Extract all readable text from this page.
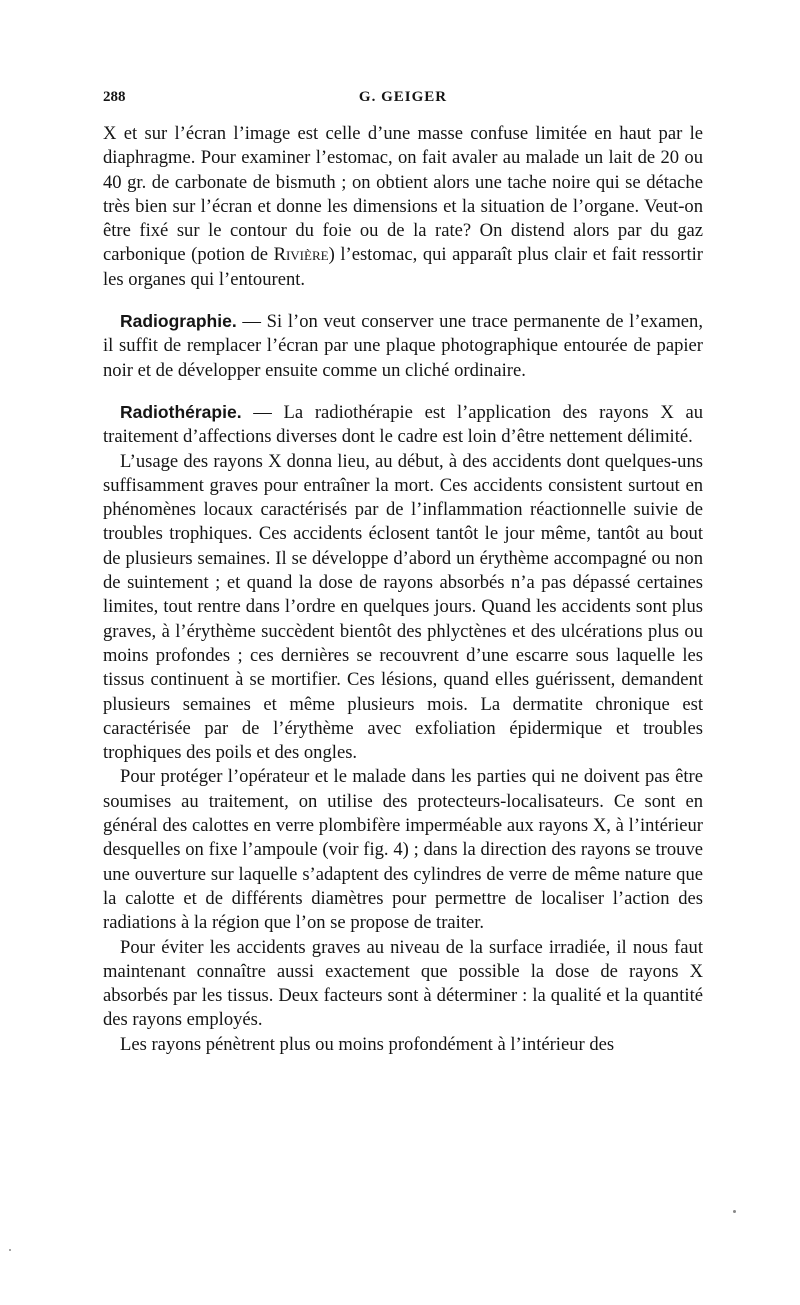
288	G. GEIGER

X et sur l’écran l’image est celle d’une masse confuse limitée en haut par le diaphragme. Pour examiner l’estomac, on fait avaler au malade un lait de 20 ou 40 gr. de carbonate de bismuth ; on obtient alors une tache noire qui se détache très bien sur l’écran et donne les dimensions et la situation de l’organe. Veut-on être fixé sur le contour du foie ou de la rate? On distend alors par du gaz carbonique (potion de Rivière) l’estomac, qui apparaît plus clair et fait ressortir les organes qui l’entourent.

Radiographie. — Si l’on veut conserver une trace permanente de l’examen, il suffit de remplacer l’écran par une plaque photographique entourée de papier noir et de développer ensuite comme un cliché ordinaire.

Radiothérapie. — La radiothérapie est l’application des rayons X au traitement d’affections diverses dont le cadre est loin d’être nettement délimité.

L’usage des rayons X donna lieu, au début, à des accidents dont quelques-uns suffisamment graves pour entraîner la mort. Ces accidents consistent surtout en phénomènes locaux caractérisés par de l’inflammation réactionnelle suivie de troubles trophiques. Ces accidents éclosent tantôt le jour même, tantôt au bout de plusieurs semaines. Il se développe d’abord un érythème accompagné ou non de suintement ; et quand la dose de rayons absorbés n’a pas dépassé certaines limites, tout rentre dans l’ordre en quelques jours. Quand les accidents sont plus graves, à l’érythème succèdent bientôt des phlyctènes et des ulcérations plus ou moins profondes ; ces dernières se recouvrent d’une escarre sous laquelle les tissus continuent à se mortifier. Ces lésions, quand elles guérissent, demandent plusieurs semaines et même plusieurs mois. La dermatite chronique est caractérisée par de l’érythème avec exfoliation épidermique et troubles trophiques des poils et des ongles.

Pour protéger l’opérateur et le malade dans les parties qui ne doivent pas être soumises au traitement, on utilise des protecteurs-localisateurs. Ce sont en général des calottes en verre plombifère imperméable aux rayons X, à l’intérieur desquelles on fixe l’ampoule (voir fig. 4) ; dans la direction des rayons se trouve une ouverture sur laquelle s’adaptent des cylindres de verre de même nature que la calotte et de différents diamètres pour permettre de localiser l’action des radiations à la région que l’on se propose de traiter.

Pour éviter les accidents graves au niveau de la surface irradiée, il nous faut maintenant connaître aussi exactement que possible la dose de rayons X absorbés par les tissus. Deux facteurs sont à déterminer : la qualité et la quantité des rayons employés.

Les rayons pénètrent plus ou moins profondément à l’intérieur des
